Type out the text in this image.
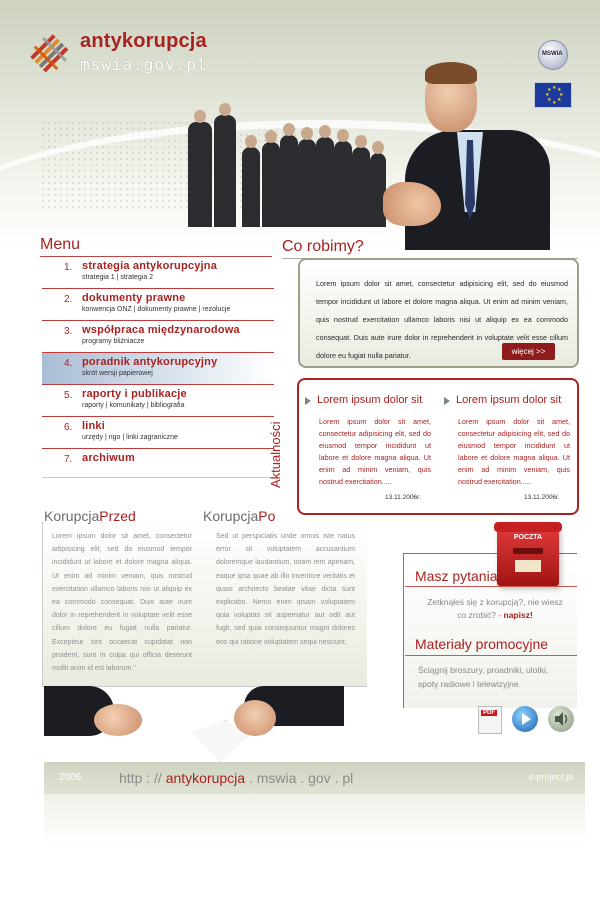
antykorupcja
mswia.gov.pl
MSWiA
★
★
★ ★
★ ★
★ ★
Menu
1. strategia antykorupcyjna
strategia 1 | strategia 2
2. dokumenty prawne
konwencja ONZ | dokumenty prawne | rezolucje
3. współpraca międzynarodowa
programy bliźniacze
4. poradnik antykorupcyjny
skrót wersji papierowej
5. raporty i publikacje
raporty | komunikaty | bibliografia
6. linki
urzędy | ngo | linki zagraniczne
7. archiwum
Co robimy?
Lorem ipsum dolor sit amet, consectetur adipisicing elit, sed do eiusmod tempor incididunt ut labore et dolore magna aliqua. Ut enim ad minim veniam, quis nostrud exercitation ullamco laboris nisi ut aliquip ex ea commodo consequat. Duis aute irure dolor in reprehenderit in voluptate velit esse cillum dolore eu fugiat nulla pariatur.	więcej >>
Aktualności
Lorem ipsum dolor sit
Lorem ipsum dolor sit amet, consectetur adipisicing elit, sed do eiusmod tempor incididunt ut labore et dolore magna aliqua. Ut enim ad minim veniam, quis nostrud exercitation.....
13.11.2006r.
Lorem ipsum dolor sit
Lorem ipsum dolor sit amet, consectetur adipisicing elit, sed do eiusmod tempor incididunt ut labore et dolore magna aliqua. Ut enim ad minim veniam, quis nostrud exercitation.....
13.11.2006r.
KorupcjaPrzed	KorupcjaPo
Lorem ipsum dolor sit amet, consectetur adipisicing elit, sed do eiusmod tempor incididunt ut labore et dolore magna aliqua. Ut enim ad minim veniam, quis nostrud exercitation ullamco laboris nisi ut aliquip ex ea commodo consequat. Duis aute irure dolor in reprehenderit in voluptate velit esse cillum dolore eu fugiat nulla pariatur. Excepteur sint occaecat cupidatat non proident, sunt in culpa qui officia deserunt mollit anim id est laborum."
Sed ut perspiciatis unde omnis iste natus error sit voluptatem accusantium doloremque laudantium, totam rem aperiam, eaque ipsa quae ab illo inventore veritatis et quasi architecto beatae vitae dicta sunt explicabo. Nemo enim ipsam voluptatem quia voluptas sit aspernatur aut odit aut fugit, sed quia consequuntur magni dolores eos qui ratione voluptatem sequi nesciunt.
POCZTA
Masz pytania?
Zetknąłeś się z korupcją?, nie wiesz co zrobić? - napisz!
Materiały promocyjne
Ściągnij broszury, proadniki, ulotki, spoty radiowe i telewizyjne.
PDF
2006	http : // antykorupcja . mswia . gov . pl	e-project.pl
